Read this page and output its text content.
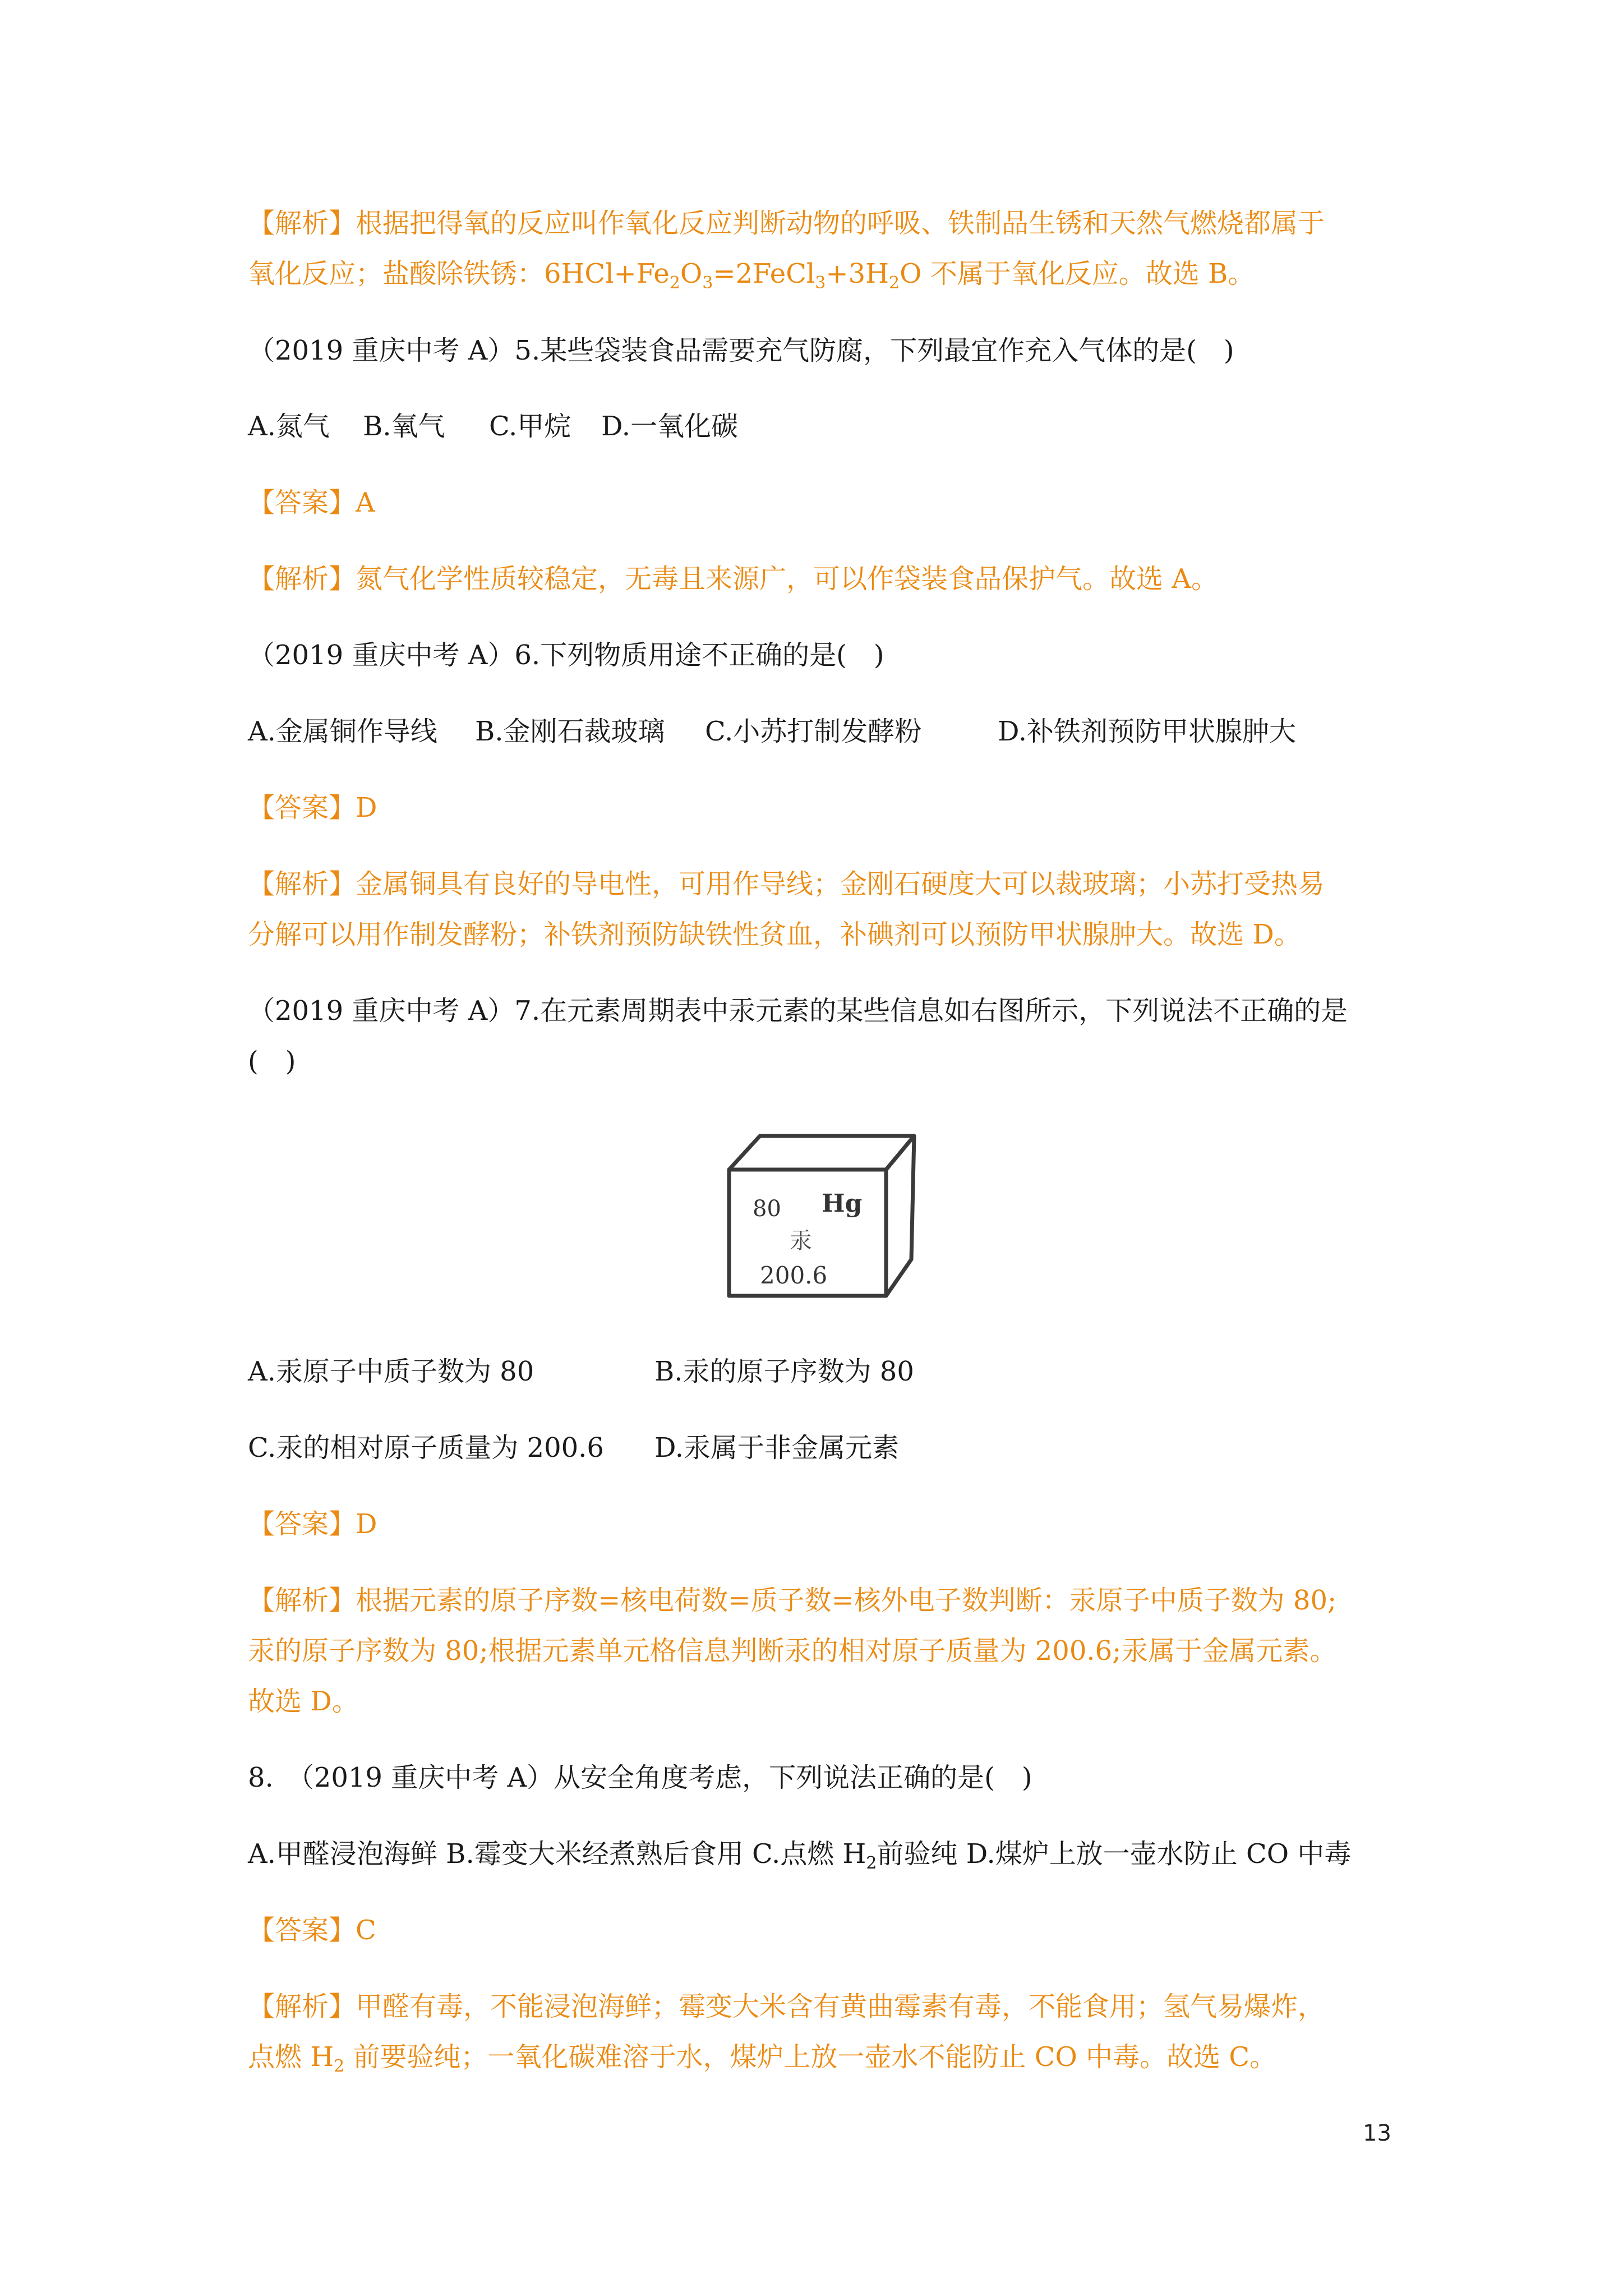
【解析】根据把得氧的反应叫作氧化反应判断动物的呼吸、铁制品生锈和天然气燃烧都属于
氧化反应；盐酸除铁锈：$6HCl+Fe_2O_3=2FeCl_3+3H_2O$ 不属于氧化反应。故选 B。
（2019 重庆中考 A）5.某些袋装食品需要充气防腐，下列最宜作充入气体的是(　)
A.氮气 B.氧气 C.甲烷 D.一氧化碳
【答案】A
【解析】氮气化学性质较稳定，无毒且来源广，可以作袋装食品保护气。故选 A。
（2019 重庆中考 A）6.下列物质用途不正确的是(　)
A.金属铜作导线 B.金刚石裁玻璃 C.小苏打制发酵粉	D.补铁剂预防甲状腺肿大
【答案】D
【解析】金属铜具有良好的导电性，可用作导线；金刚石硬度大可以裁玻璃；小苏打受热易
分解可以用作制发酵粉；补铁剂预防缺铁性贫血，补碘剂可以预防甲状腺肿大。故选 D。
（2019 重庆中考 A）7.在元素周期表中汞元素的某些信息如右图所示，下列说法不正确的是
(　)
80 Hg
汞
200.6
A.汞原子中质子数为 80	B.汞的原子序数为 80
C.汞的相对原子质量为 200.6 D.汞属于非金属元素
【答案】D
【解析】根据元素的原子序数=核电荷数=质子数=核外电子数判断：汞原子中质子数为 80;
汞的原子序数为 80;根据元素单元格信息判断汞的相对原子质量为 200.6;汞属于金属元素。
故选 D。
8.　（2019 重庆中考 A）从安全角度考虑，下列说法正确的是(　)
A.甲醛浸泡海鲜 B.霉变大米经煮熟后食用 C.点燃 $H_2$前验纯 D.煤炉上放一壶水防止 CO 中毒
【答案】C
【解析】甲醛有毒，不能浸泡海鲜；霉变大米含有黄曲霉素有毒，不能食用；氢气易爆炸，
点燃 $H_2$ 前要验纯；一氧化碳难溶于水，煤炉上放一壶水不能防止 CO 中毒。故选 C。
13
